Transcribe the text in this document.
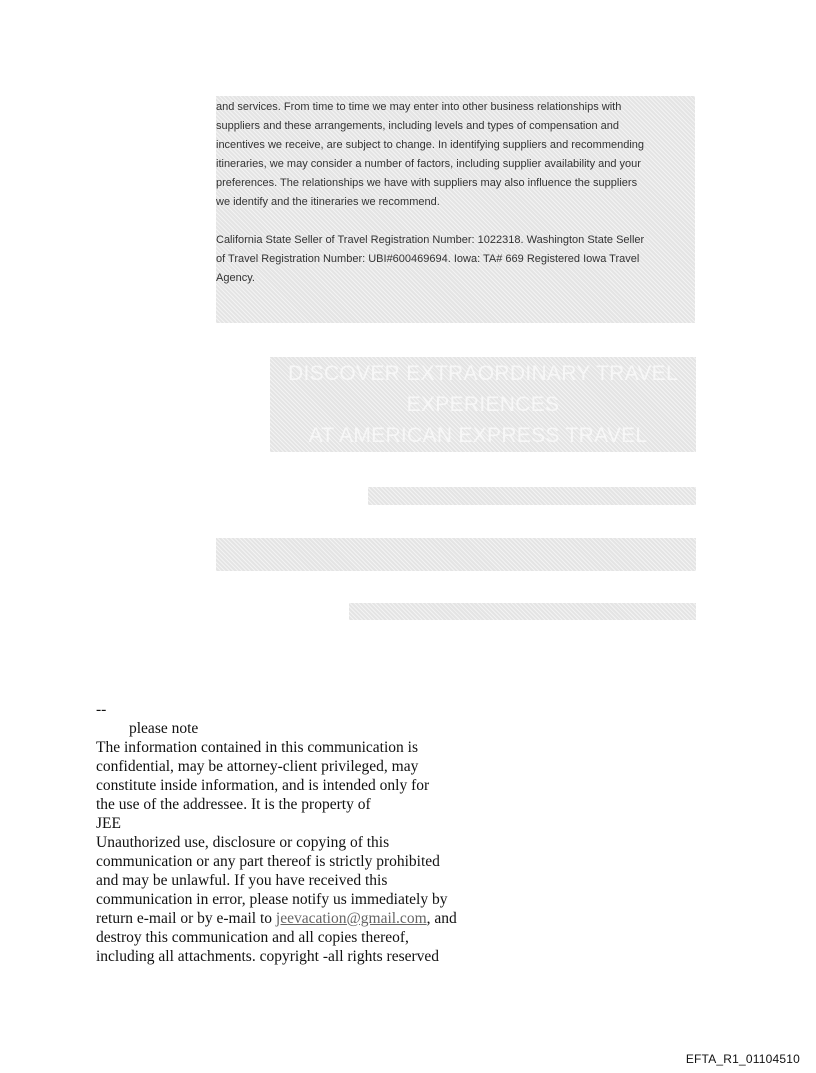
and services. From time to time we may enter into other business relationships with
suppliers and these arrangements, including levels and types of compensation and
incentives we receive, are subject to change. In identifying suppliers and recommending
itineraries, we may consider a number of factors, including supplier availability and your
preferences. The relationships we have with suppliers may also influence the suppliers
we identify and the itineraries we recommend.

California State Seller of Travel Registration Number: 1022318. Washington State Seller
of Travel Registration Number: UBI#600469694. Iowa: TA# 669 Registered Iowa Travel
Agency.

DISCOVER EXTRAORDINARY TRAVEL
EXPERIENCES
AT AMERICAN EXPRESS TRAVEL
--
please note
The information contained in this communication is
confidential, may be attorney-client privileged, may
constitute inside information, and is intended only for
the use of the addressee. It is the property of
JEE
Unauthorized use, disclosure or copying of this
communication or any part thereof is strictly prohibited
and may be unlawful. If you have received this
communication in error, please notify us immediately by
return e-mail or by e-mail to jeevacation@gmail.com, and
destroy this communication and all copies thereof,
including all attachments. copyright -all rights reserved
EFTA_R1_01104510
